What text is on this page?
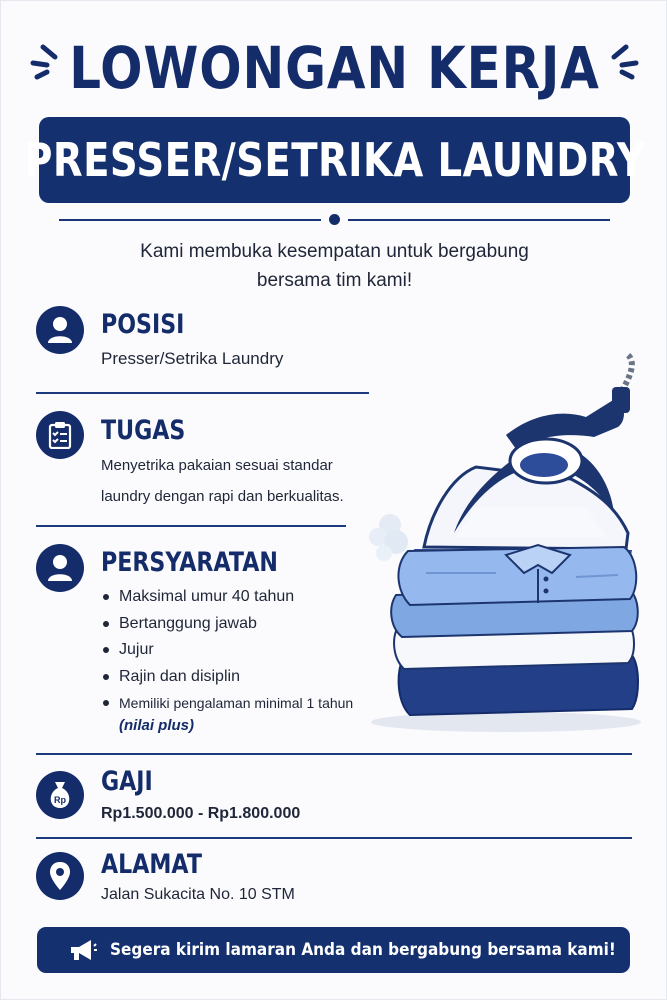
LOWONGAN KERJA
PRESSER/SETRIKA LAUNDRY
Kami membuka kesempatan untuk bergabung
bersama tim kami!
POSISI
Presser/Setrika Laundry
TUGAS
Menyetrika pakaian sesuai standar
laundry dengan rapi dan berkualitas.
PERSYARATAN
Maksimal umur 40 tahun
Bertanggung jawab
Jujur
Rajin dan disiplin
Memiliki pengalaman minimal 1 tahun
(nilai plus)
Rp
GAJI
Rp1.500.000 - Rp1.800.000
ALAMAT
Jalan Sukacita No. 10 STM
Segera kirim lamaran Anda dan bergabung bersama kami!
